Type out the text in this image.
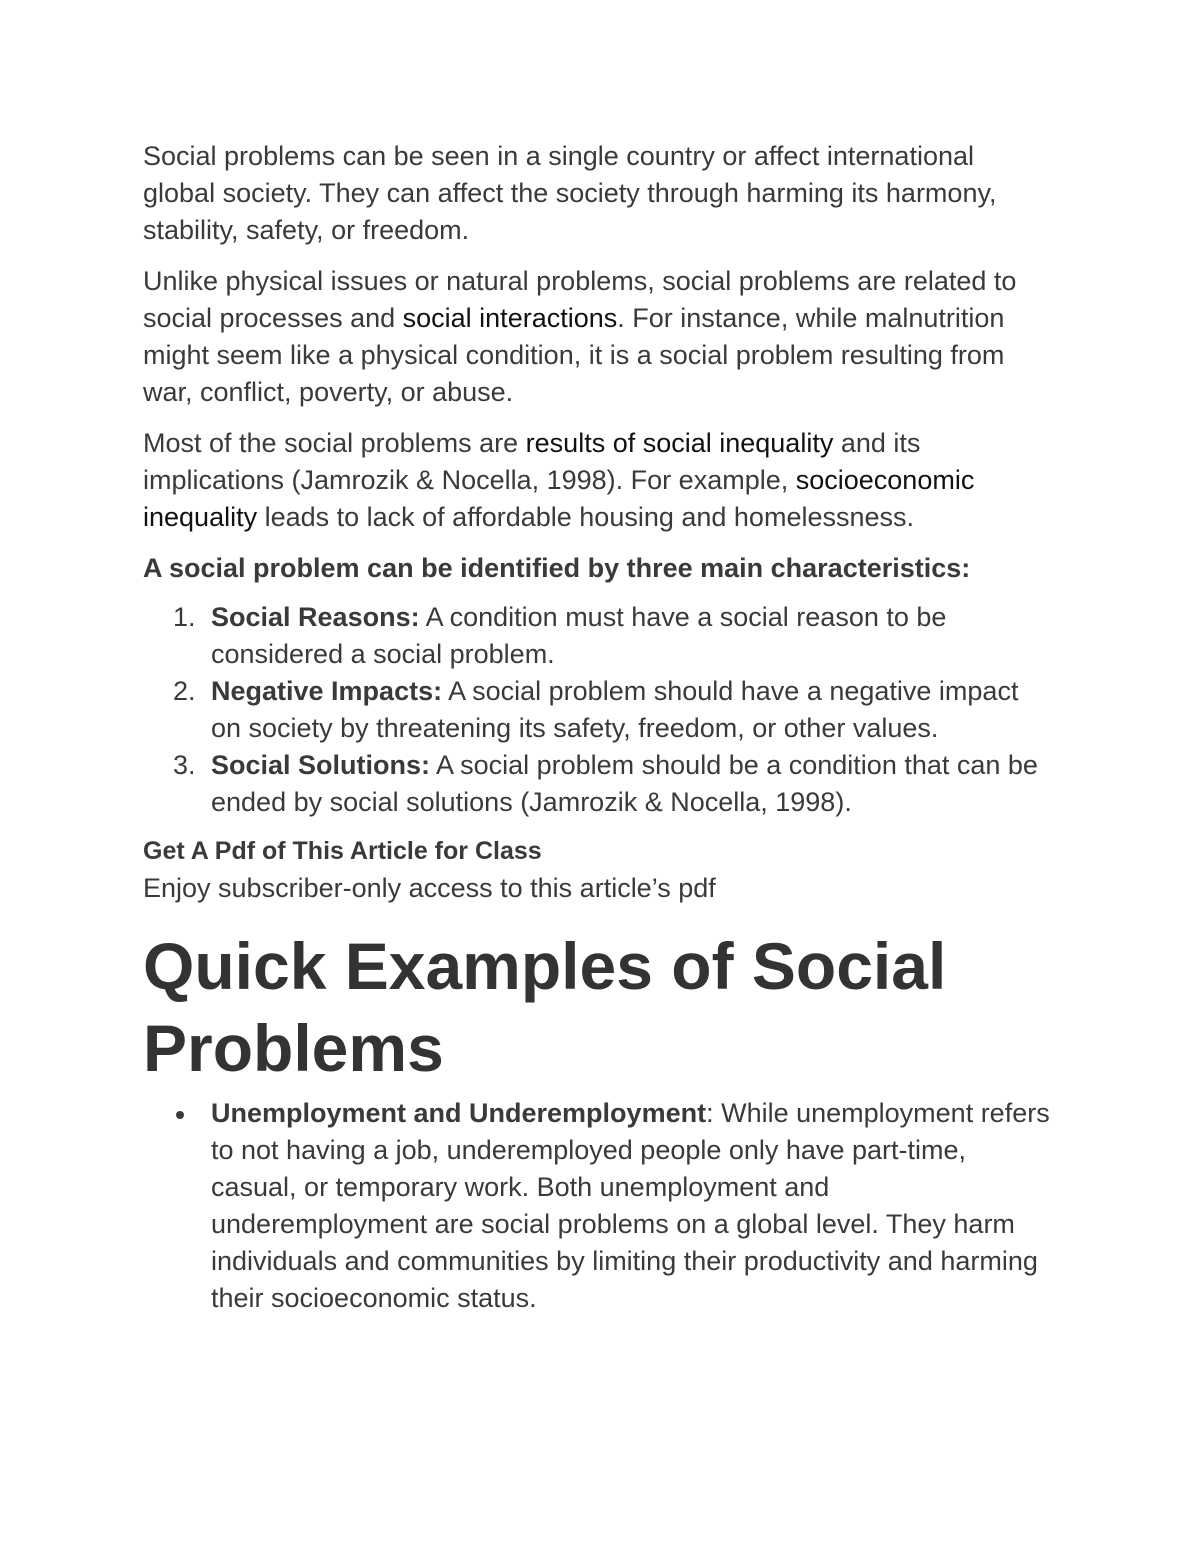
Social problems can be seen in a single country or affect international global society. They can affect the society through harming its harmony, stability, safety, or freedom.

Unlike physical issues or natural problems, social problems are related to social processes and social interactions. For instance, while malnutrition might seem like a physical condition, it is a social problem resulting from war, conflict, poverty, or abuse.

Most of the social problems are results of social inequality and its implications (Jamrozik & Nocella, 1998). For example, socioeconomic inequality leads to lack of affordable housing and homelessness.

A social problem can be identified by three main characteristics:
1. Social Reasons: A condition must have a social reason to be considered a social problem.
2. Negative Impacts: A social problem should have a negative impact on society by threatening its safety, freedom, or other values.
3. Social Solutions: A social problem should be a condition that can be ended by social solutions (Jamrozik & Nocella, 1998).
Get A Pdf of This Article for Class
Enjoy subscriber-only access to this article’s pdf
Quick Examples of Social Problems
Unemployment and Underemployment: While unemployment refers to not having a job, underemployed people only have part-time, casual, or temporary work. Both unemployment and underemployment are social problems on a global level. They harm individuals and communities by limiting their productivity and harming their socioeconomic status.
